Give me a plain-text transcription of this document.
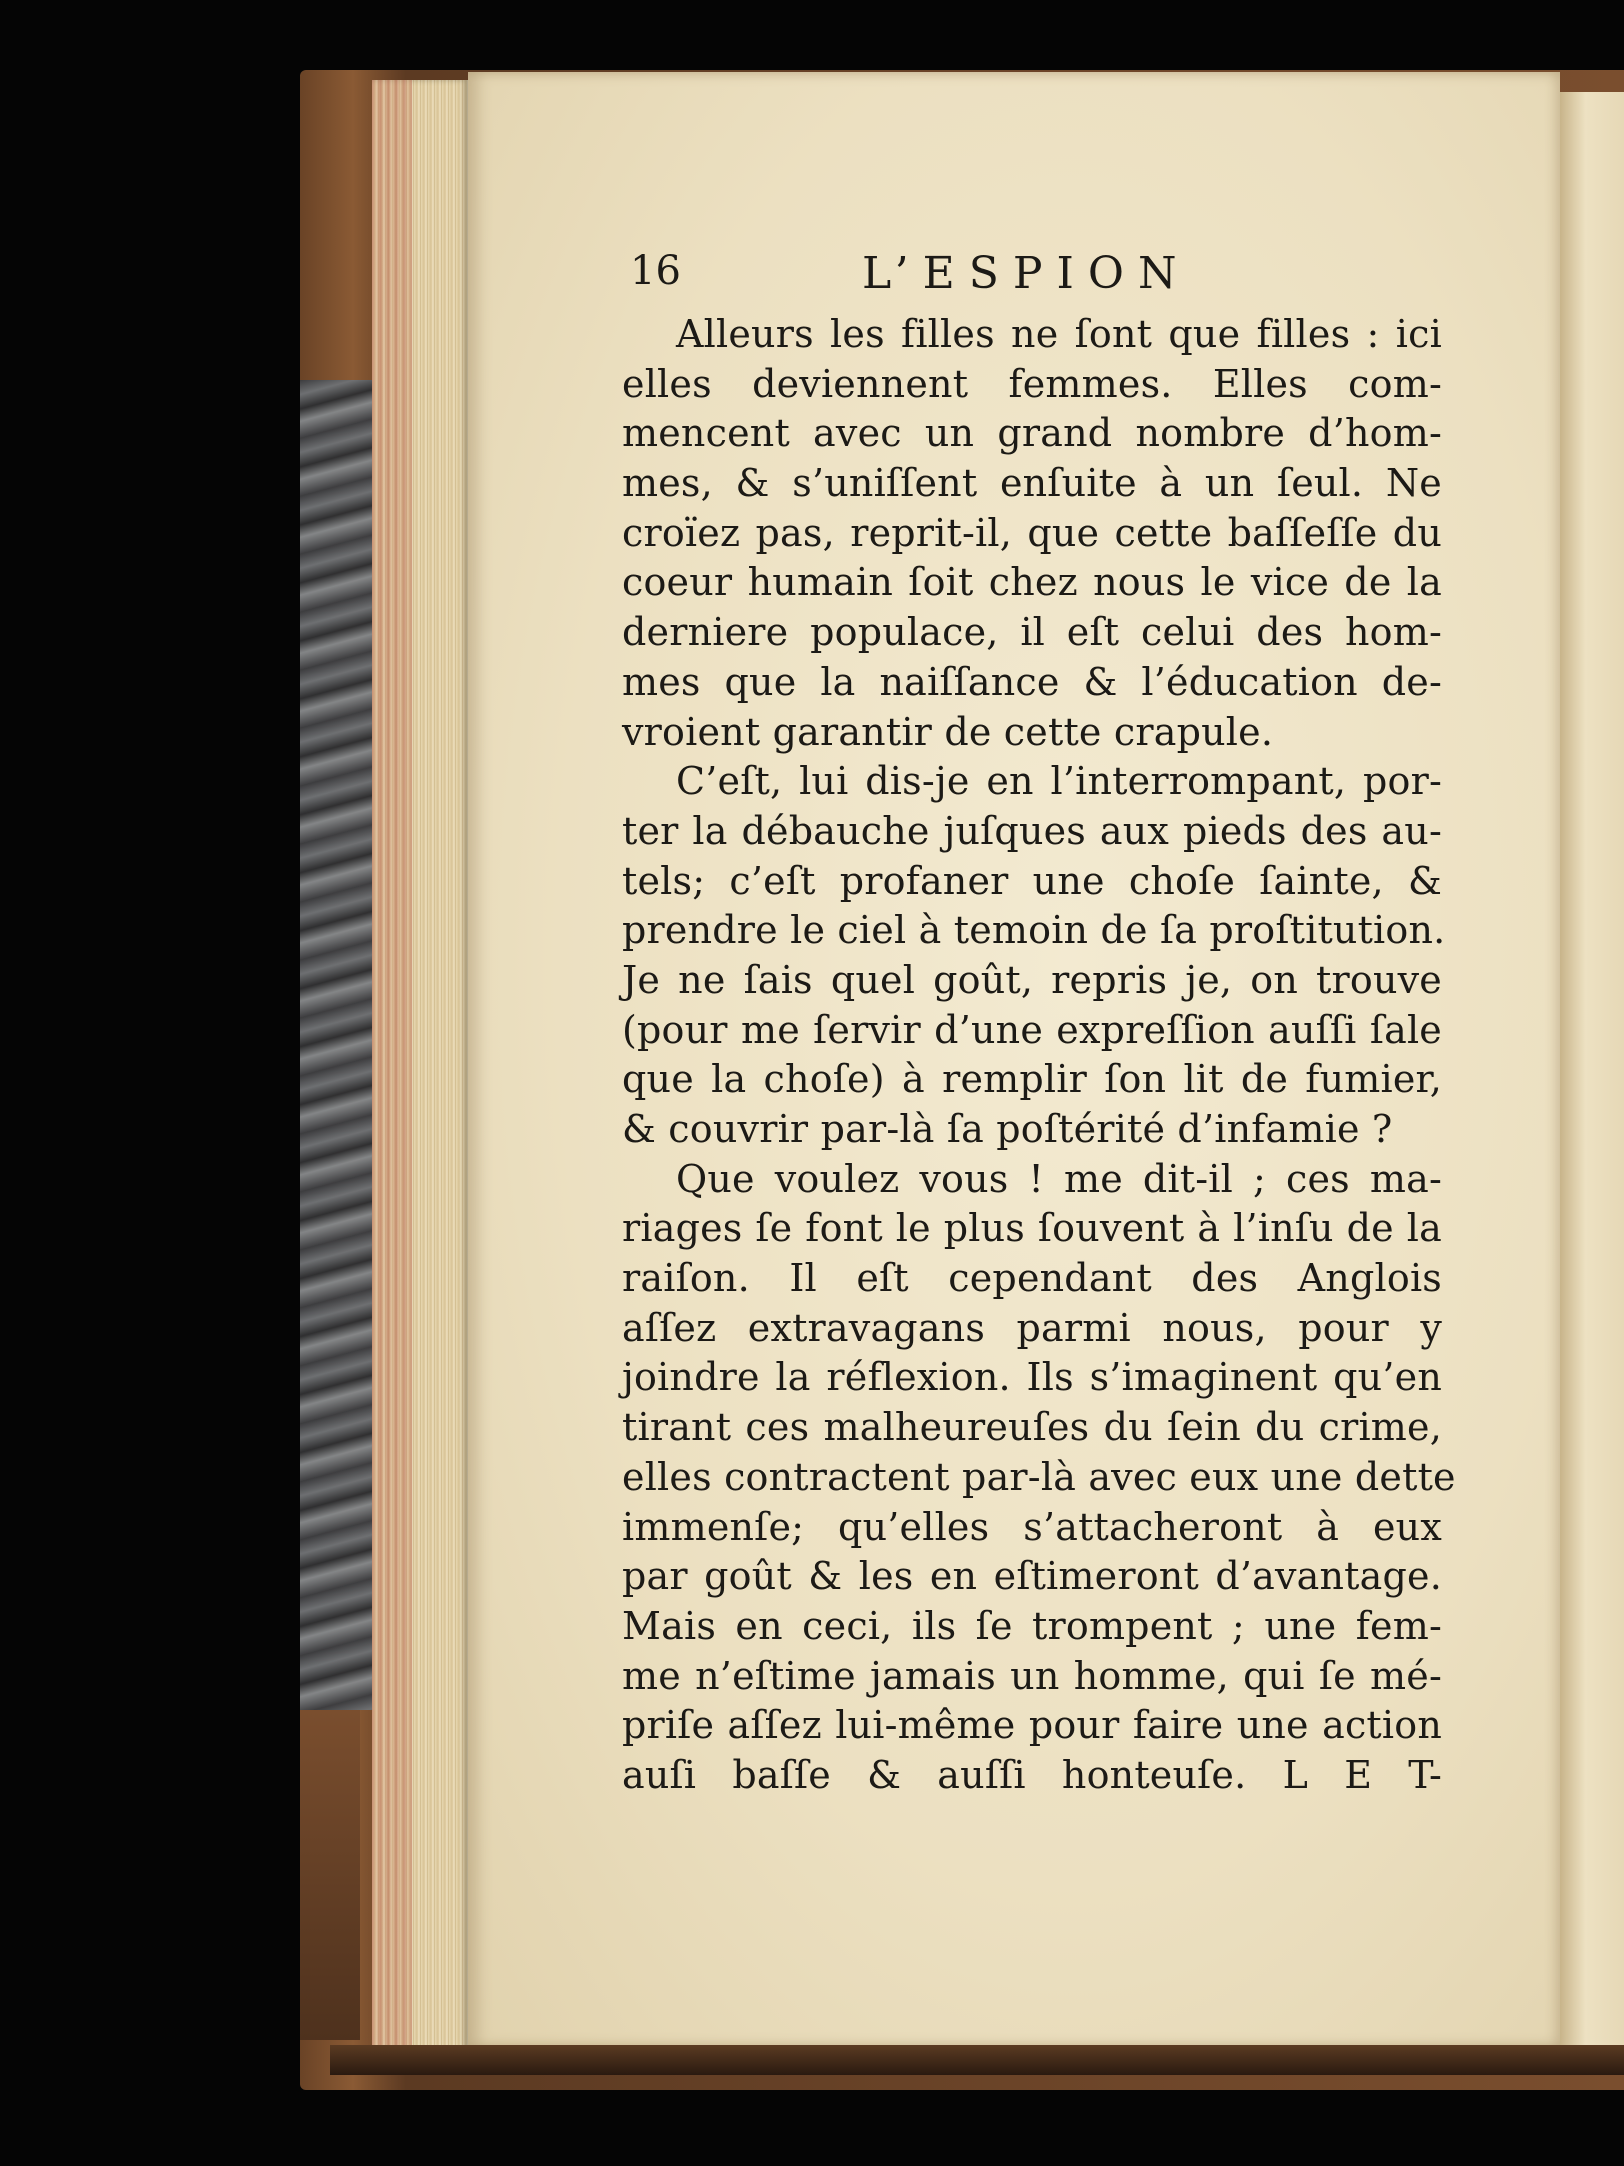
16	L’ESPION
Alleurs les filles ne ſont que filles : ici
elles deviennent femmes. Elles com-
mencent avec un grand nombre d’hom-
mes, & s’uniſſent enſuite à un ſeul. Ne
croïez pas, reprit-il, que cette baſſeſſe du
coeur humain ſoit chez nous le vice de la
derniere populace, il eſt celui des hom-
mes que la naiſſance & l’éducation de-
vroient garantir de cette crapule.
C’eſt, lui dis-je en l’interrompant, por-
ter la débauche juſques aux pieds des au-
tels; c’eſt profaner une choſe ſainte, &
prendre le ciel à temoin de ſa proſtitution.
Je ne ſais quel goût, repris je, on trouve
(pour me ſervir d’une expreſſion auſſi ſale
que la choſe) à remplir ſon lit de fumier,
& couvrir par-là ſa poſtérité d’infamie ?
Que voulez vous ! me dit-il ; ces ma-
riages ſe font le plus ſouvent à l’inſu de la
raiſon. Il eſt cependant des Anglois
aſſez extravagans parmi nous, pour y
joindre la réflexion. Ils s’imaginent qu’en
tirant ces malheureuſes du ſein du crime,
elles contractent par-là avec eux une dette
immenſe; qu’elles s’attacheront à eux
par goût & les en eſtimeront d’avantage.
Mais en ceci, ils ſe trompent ; une fem-
me n’eſtime jamais un homme, qui ſe mé-
priſe aſſez lui-même pour faire une action
auſi baſſe & auſſi honteuſe. L E T-
